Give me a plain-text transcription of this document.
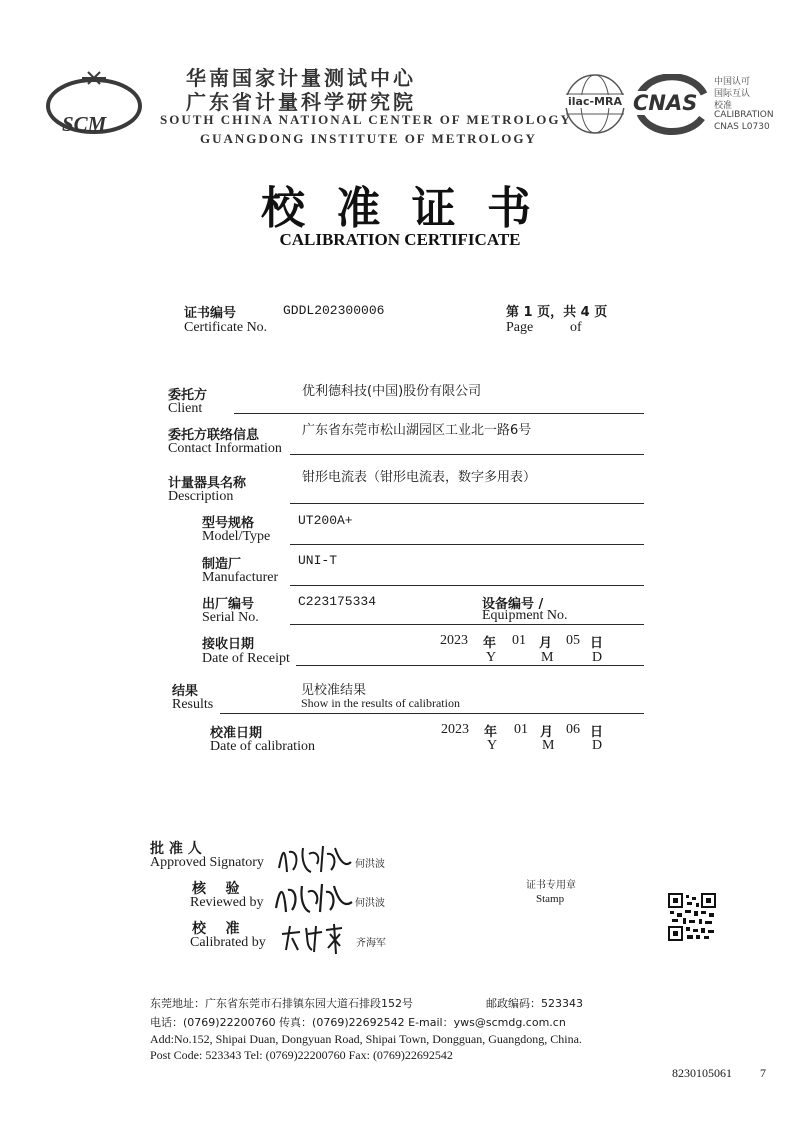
SCM
华南国家计量测试中心
广东省计量科学研究院
SOUTH CHINA NATIONAL CENTER OF METROLOGY
GUANGDONG INSTITUTE OF METROLOGY
ilac-MRA CNAS
中国认可
国际互认
校准
CALIBRATION
CNAS L0730
校 准 证 书
CALIBRATION CERTIFICATE
证书编号
Certificate No.
GDDL202300006	第 1 页，共 4 页
Page	of
委托方
Client
优利德科技(中国)股份有限公司
委托方联络信息
Contact Information
广东省东莞市松山湖园区工业北一路6号
计量器具名称
Description
钳形电流表（钳形电流表，数字多用表）
型号规格
Model/Type
UT200A+
制造厂
Manufacturer
UNI-T
出厂编号
Serial No.
C223175334	设备编号 /
Equipment No.
接收日期
Date of Receipt
2023 年 01 月 05 日
Y	M	D
结果
Results
见校准结果
Show in the results of calibration
校准日期
Date of calibration
2023 年 01 月 06 日
Y	M	D
批 准 人
Approved Signatory	何洪波
核    验
Reviewed by	何洪波
校    准
Calibrated by	齐海军
证书专用章
Stamp
东莞地址：广东省东莞市石排镇东园大道石排段152号	邮政编码：523343
电话：(0769)22200760 传真：(0769)22692542 E-mail：yws@scmdg.com.cn
Add:No.152, Shipai Duan, Dongyuan Road, Shipai Town, Dongguan, Guangdong, China.
Post Code: 523343 Tel: (0769)22200760 Fax: (0769)22692542
8230105061 7
